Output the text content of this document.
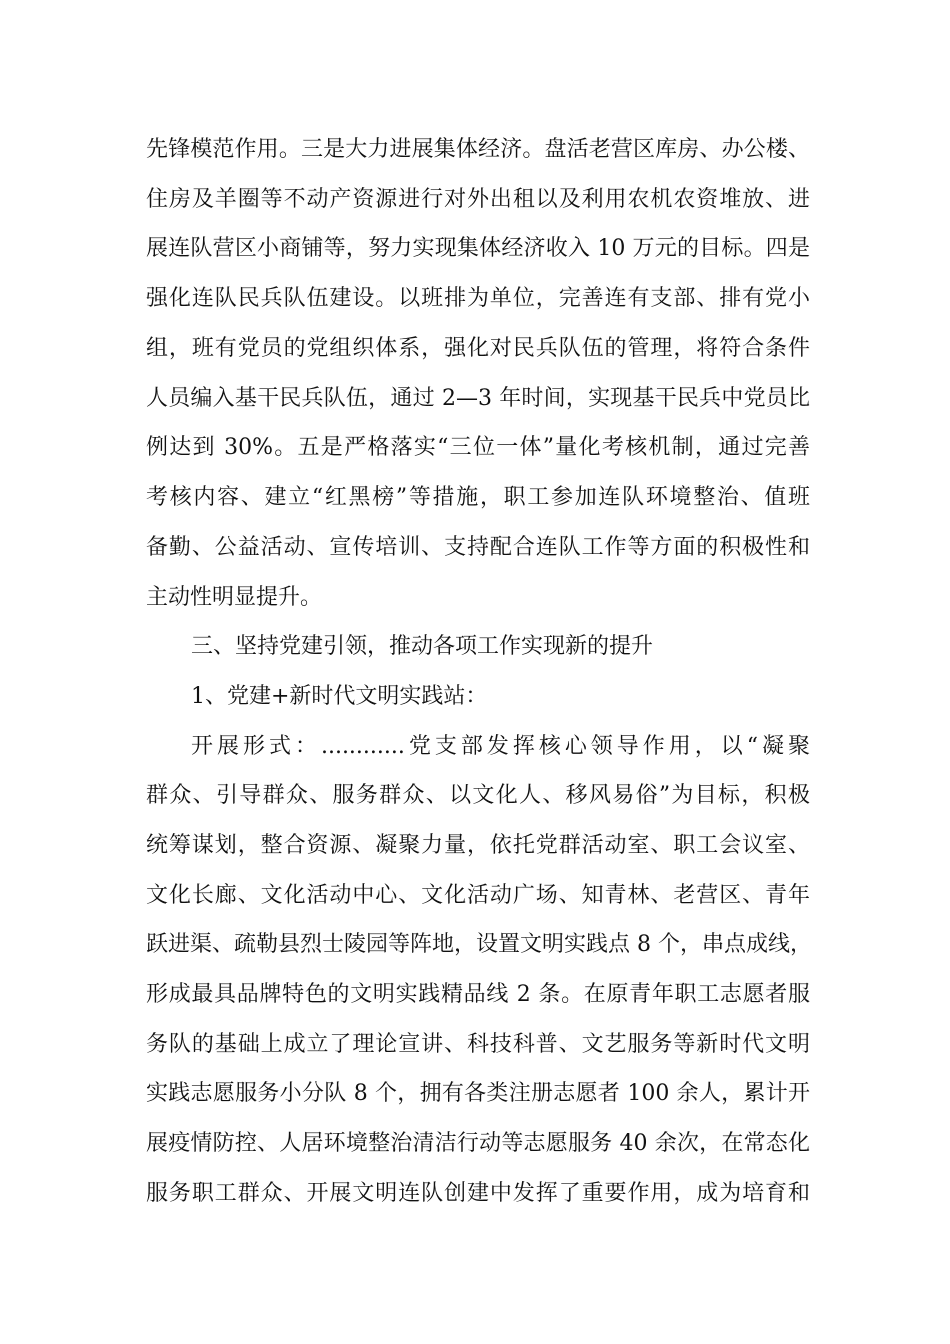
先锋模范作用。三是大力进展集体经济。盘活老营区库房、办公楼、
住房及羊圈等不动产资源进行对外出租以及利用农机农资堆放、进
展连队营区小商铺等，努力实现集体经济收入 10 万元的目标。四是
强化连队民兵队伍建设。以班排为单位，完善连有支部、排有党小
组，班有党员的党组织体系，强化对民兵队伍的管理，将符合条件
人员编入基干民兵队伍，通过 2—3 年时间，实现基干民兵中党员比
例达到 30%。五是严格落实“三位一体”量化考核机制，通过完善
考核内容、建立“红黑榜”等措施，职工参加连队环境整治、值班
备勤、公益活动、宣传培训、支持配合连队工作等方面的积极性和
主动性明显提升。
三、坚持党建引领，推动各项工作实现新的提升
1、党建+新时代文明实践站：
开展形式：............党支部发挥核心领导作用，以“凝聚
群众、引导群众、服务群众、以文化人、移风易俗”为目标，积极
统筹谋划，整合资源、凝聚力量，依托党群活动室、职工会议室、
文化长廊、文化活动中心、文化活动广场、知青林、老营区、青年
跃进渠、疏勒县烈士陵园等阵地，设置文明实践点 8 个，串点成线，
形成最具品牌特色的文明实践精品线 2 条。在原青年职工志愿者服
务队的基础上成立了理论宣讲、科技科普、文艺服务等新时代文明
实践志愿服务小分队 8 个，拥有各类注册志愿者 100 余人，累计开
展疫情防控、人居环境整治清洁行动等志愿服务 40 余次，在常态化
服务职工群众、开展文明连队创建中发挥了重要作用，成为培育和
